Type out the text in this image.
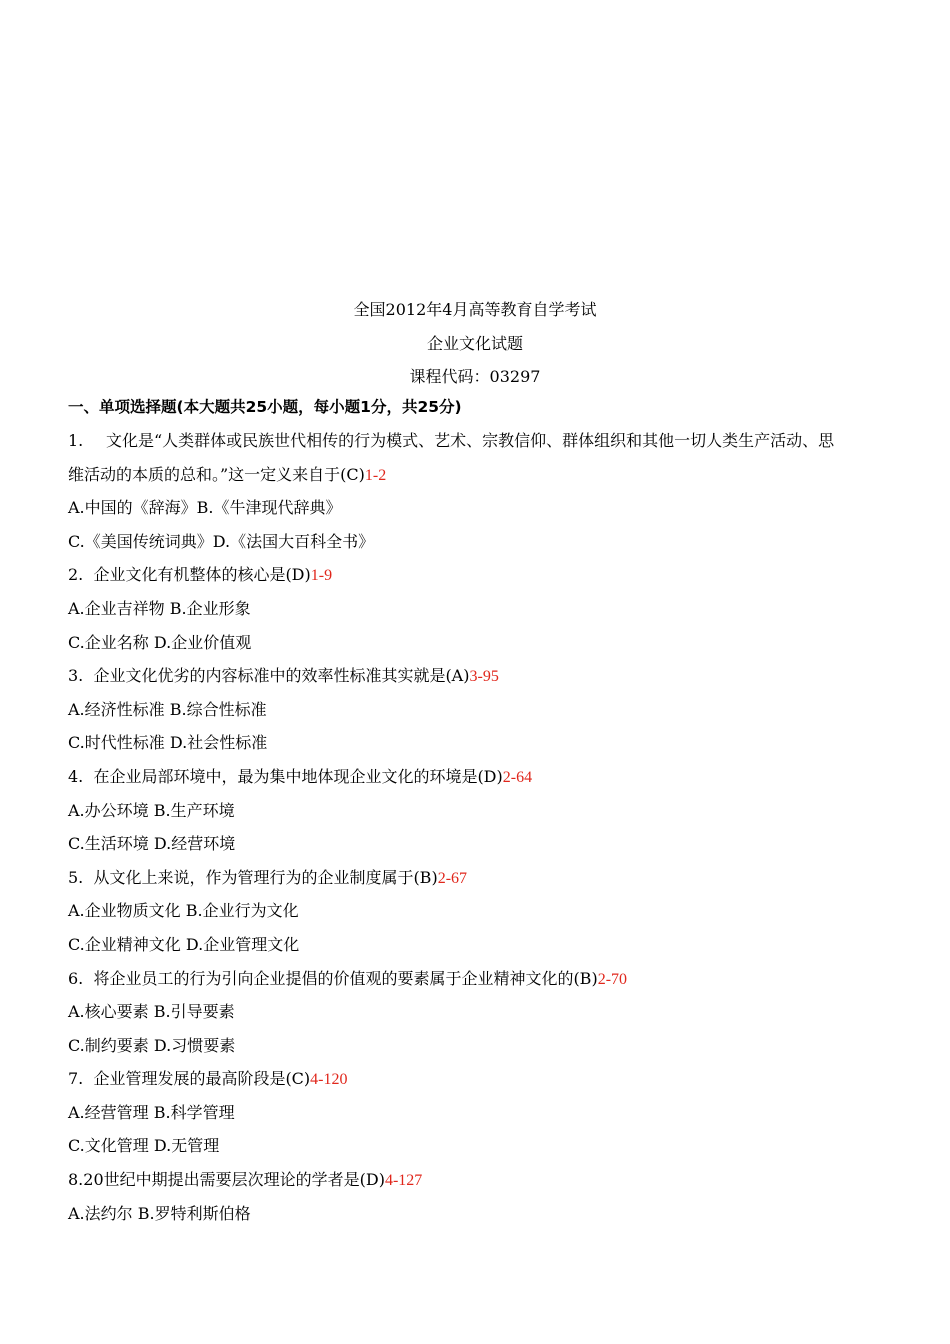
全国2012年4月高等教育自学考试
企业文化试题
课程代码：03297
一、单项选择题(本大题共25小题，每小题1分，共25分)
1. 文化是“人类群体或民族世代相传的行为模式、艺术、宗教信仰、群体组织和其他一切人类生产活动、思
维活动的本质的总和。”这一定义来自于(C)1-2
A.中国的《辞海》B.《牛津现代辞典》
C.《美国传统词典》D.《法国大百科全书》
2. 企业文化有机整体的核心是(D)1-9
A.企业吉祥物 B.企业形象
C.企业名称 D.企业价值观
3. 企业文化优劣的内容标准中的效率性标准其实就是(A)3-95
A.经济性标准 B.综合性标准
C.时代性标准 D.社会性标准
4. 在企业局部环境中，最为集中地体现企业文化的环境是(D)2-64
A.办公环境 B.生产环境
C.生活环境 D.经营环境
5. 从文化上来说，作为管理行为的企业制度属于(B)2-67
A.企业物质文化 B.企业行为文化
C.企业精神文化 D.企业管理文化
6. 将企业员工的行为引向企业提倡的价值观的要素属于企业精神文化的(B)2-70
A.核心要素 B.引导要素
C.制约要素 D.习惯要素
7. 企业管理发展的最高阶段是(C)4-120
A.经营管理 B.科学管理
C.文化管理 D.无管理
8.20世纪中期提出需要层次理论的学者是(D)4-127
A.法约尔 B.罗特利斯伯格
